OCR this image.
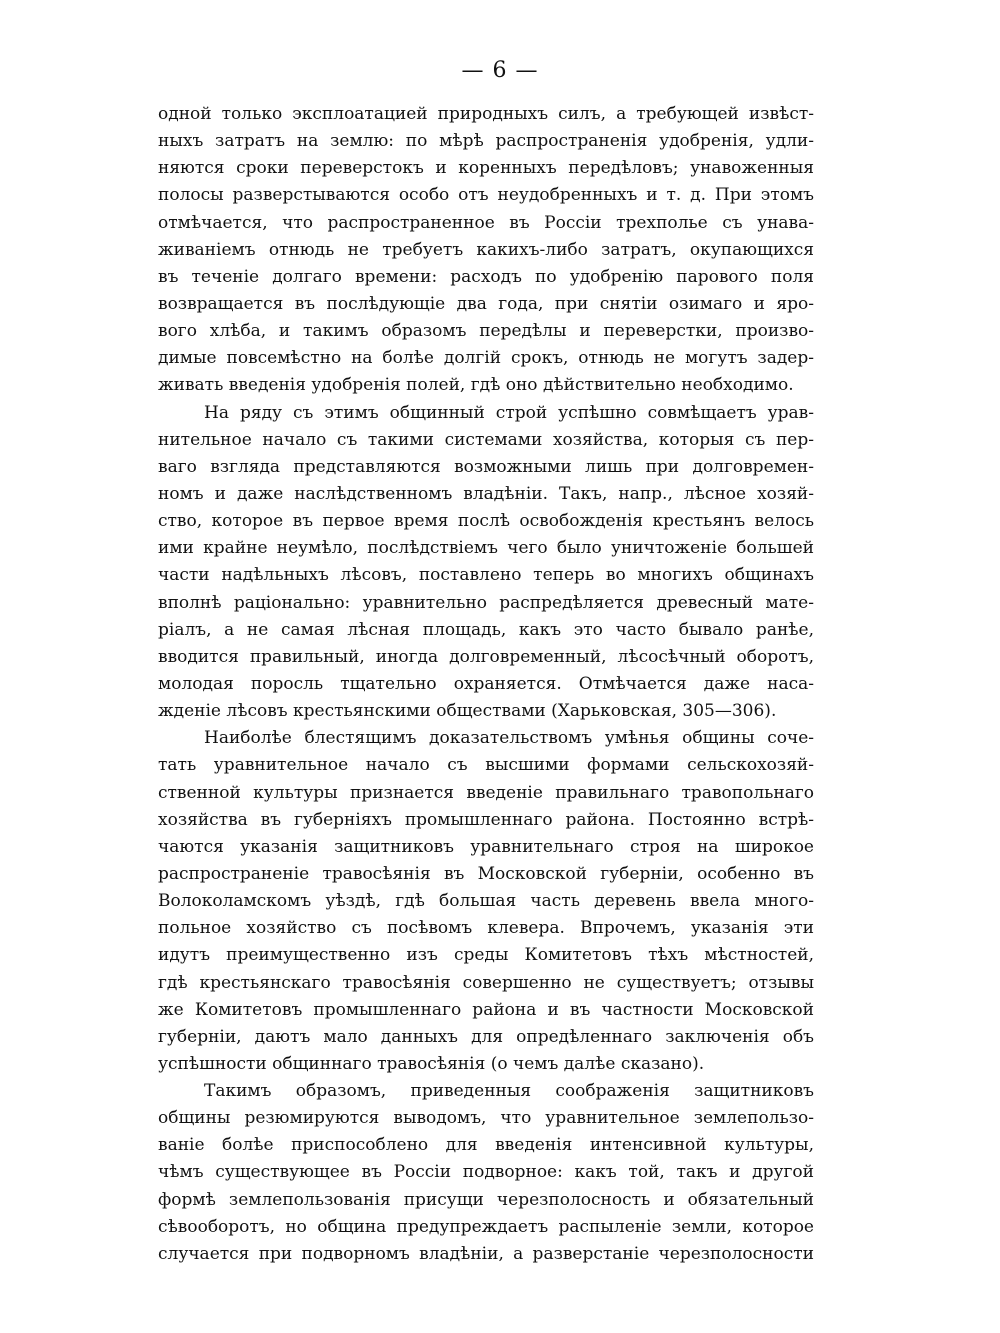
— 6 —
одной только эксплоатацией природныхъ силъ, а требующей извѣст-
ныхъ затратъ на землю: по мѣрѣ распространенія удобренія, удли-
няются сроки переверстокъ и коренныхъ передѣловъ; унавоженныя
полосы разверстываются особо отъ неудобренныхъ и т. д. При этомъ
отмѣчается, что распространенное въ Россіи трехполье съ унава-
живаніемъ отнюдь не требуетъ какихъ-либо затратъ, окупающихся
въ теченіе долгаго времени: расходъ по удобренію парового поля
возвращается въ послѣдующіе два года, при снятіи озимаго и яро-
вого хлѣба, и такимъ образомъ передѣлы и переверстки, произво-
димые повсемѣстно на болѣе долгій срокъ, отнюдь не могутъ задер-
живать введенія удобренія полей, гдѣ оно дѣйствительно необходимо.
На ряду съ этимъ общинный строй успѣшно совмѣщаетъ урав-
нительное начало съ такими системами хозяйства, которыя съ пер-
ваго взгляда представляются возможными лишь при долговремен-
номъ и даже наслѣдственномъ владѣніи. Такъ, напр., лѣсное хозяй-
ство, которое въ первое время послѣ освобожденія крестьянъ велось
ими крайне неумѣло, послѣдствіемъ чего было уничтоженіе большей
части надѣльныхъ лѣсовъ, поставлено теперь во многихъ общинахъ
вполнѣ раціонально: уравнительно распредѣляется древесный мате-
ріалъ, а не самая лѣсная площадь, какъ это часто бывало ранѣе,
вводится правильный, иногда долговременный, лѣсосѣчный оборотъ,
молодая поросль тщательно охраняется. Отмѣчается даже наса-
жденіе лѣсовъ крестьянскими обществами (Харьковская, 305—306).
Наиболѣе блестящимъ доказательствомъ умѣнья общины соче-
тать уравнительное начало съ высшими формами сельскохозяй-
ственной культуры признается введеніе правильнаго травопольнаго
хозяйства въ губерніяхъ промышленнаго района. Постоянно встрѣ-
чаются указанія защитниковъ уравнительнаго строя на широкое
распространеніе травосѣянія въ Московской губерніи, особенно въ
Волоколамскомъ уѣздѣ, гдѣ большая часть деревень ввела много-
польное хозяйство съ посѣвомъ клевера. Впрочемъ, указанія эти
идутъ преимущественно изъ среды Комитетовъ тѣхъ мѣстностей,
гдѣ крестьянскаго травосѣянія совершенно не существуетъ; отзывы
же Комитетовъ промышленнаго района и въ частности Московской
губерніи, даютъ мало данныхъ для опредѣленнаго заключенія объ
успѣшности общиннаго травосѣянія (о чемъ далѣе сказано).
Такимъ образомъ, приведенныя соображенія защитниковъ
общины резюмируются выводомъ, что уравнительное землепользо-
ваніе болѣе приспособлено для введенія интенсивной культуры,
чѣмъ существующее въ Россіи подворное: какъ той, такъ и другой
формѣ землепользованія присущи черезполосность и обязательный
сѣвооборотъ, но община предупреждаетъ распыленіе земли, которое
случается при подворномъ владѣніи, а разверстаніе черезполосности
